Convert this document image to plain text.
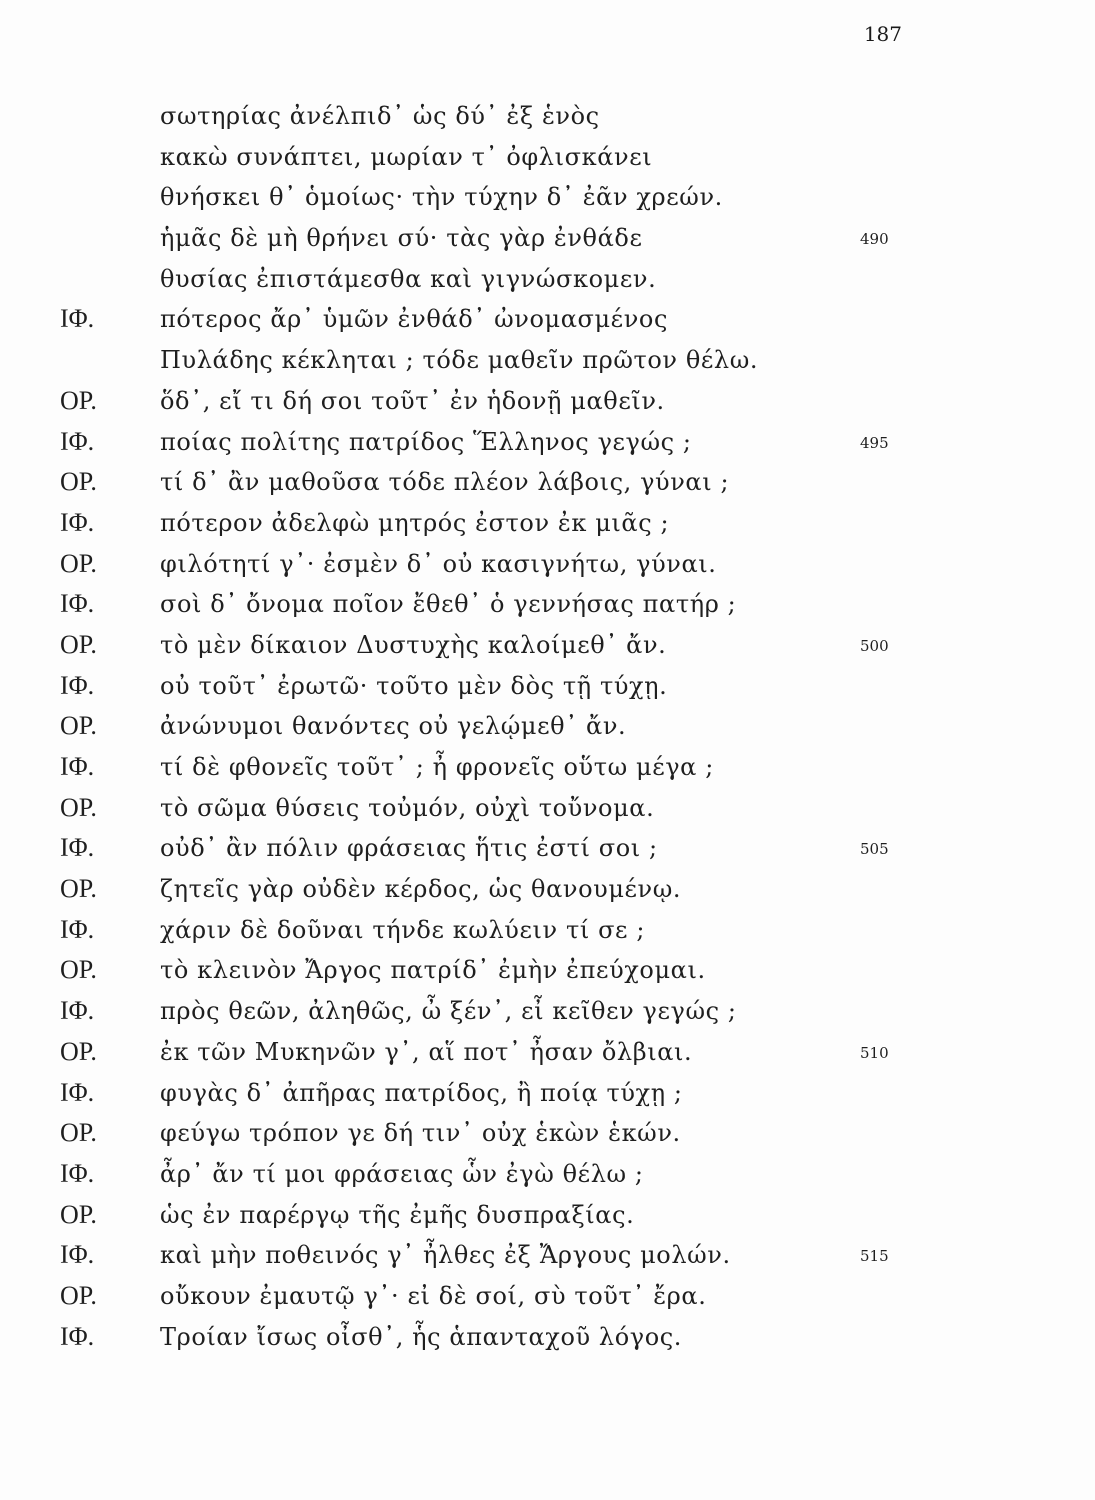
187
σωτηρίας ἀνέλπιδ᾽ ὡς δύ᾽ ἐξ ἑνὸς
κακὼ συνάπτει, μωρίαν τ᾽ ὀφλισκάνει
θνήσκει θ᾽ ὁμοίως· τὴν τύχην δ᾽ ἐᾶν χρεών.
ἡμᾶς δὲ μὴ θρήνει σύ· τὰς γὰρ ἐνθάδε	490
θυσίας ἐπιστάμεσθα καὶ γιγνώσκομεν.
ΙΦ.	πότερος ἄρ᾽ ὑμῶν ἐνθάδ᾽ ὠνομασμένος
Πυλάδης κέκληται ; τόδε μαθεῖν πρῶτον θέλω.
ΟΡ.	ὅδ᾽, εἴ τι δή σοι τοῦτ᾽ ἐν ἡδονῇ μαθεῖν.
ΙΦ.	ποίας πολίτης πατρίδος Ἕλληνος γεγώς ;	495
ΟΡ.	τί δ᾽ ἂν μαθοῦσα τόδε πλέον λάβοις, γύναι ;
ΙΦ.	πότερον ἀδελφὼ μητρός ἐστον ἐκ μιᾶς ;
ΟΡ.	φιλότητί γ᾽· ἐσμὲν δ᾽ οὐ κασιγνήτω, γύναι.
ΙΦ.	σοὶ δ᾽ ὄνομα ποῖον ἔθεθ᾽ ὁ γεννήσας πατήρ ;
ΟΡ.	τὸ μὲν δίκαιον Δυστυχὴς καλοίμεθ᾽ ἄν.	500
ΙΦ.	οὐ τοῦτ᾽ ἐρωτῶ· τοῦτο μὲν δὸς τῇ τύχῃ.
ΟΡ.	ἀνώνυμοι θανόντες οὐ γελῴμεθ᾽ ἄν.
ΙΦ.	τί δὲ φθονεῖς τοῦτ᾽ ; ἦ φρονεῖς οὕτω μέγα ;
ΟΡ.	τὸ σῶμα θύσεις τοὐμόν, οὐχὶ τοὔνομα.
ΙΦ.	οὐδ᾽ ἂν πόλιν φράσειας ἥτις ἐστί σοι ;	505
ΟΡ.	ζητεῖς γὰρ οὐδὲν κέρδος, ὡς θανουμένῳ.
ΙΦ.	χάριν δὲ δοῦναι τήνδε κωλύειν τί σε ;
ΟΡ.	τὸ κλεινὸν Ἄργος πατρίδ᾽ ἐμὴν ἐπεύχομαι.
ΙΦ.	πρὸς θεῶν, ἀληθῶς, ὦ ξέν᾽, εἶ κεῖθεν γεγώς ;
ΟΡ.	ἐκ τῶν Μυκηνῶν γ᾽, αἵ ποτ᾽ ἦσαν ὄλβιαι.	510
ΙΦ.	φυγὰς δ᾽ ἀπῆρας πατρίδος, ἢ ποίᾳ τύχῃ ;
ΟΡ.	φεύγω τρόπον γε δή τιν᾽ οὐχ ἑκὼν ἑκών.
ΙΦ.	ἆρ᾽ ἄν τί μοι φράσειας ὧν ἐγὼ θέλω ;
ΟΡ.	ὡς ἐν παρέργῳ τῆς ἐμῆς δυσπραξίας.
ΙΦ.	καὶ μὴν ποθεινός γ᾽ ἦλθες ἐξ Ἄργους μολών.	515
ΟΡ.	οὔκουν ἐμαυτῷ γ᾽· εἰ δὲ σοί, σὺ τοῦτ᾽ ἔρα.
ΙΦ.	Τροίαν ἴσως οἶσθ᾽, ἧς ἁπανταχοῦ λόγος.
